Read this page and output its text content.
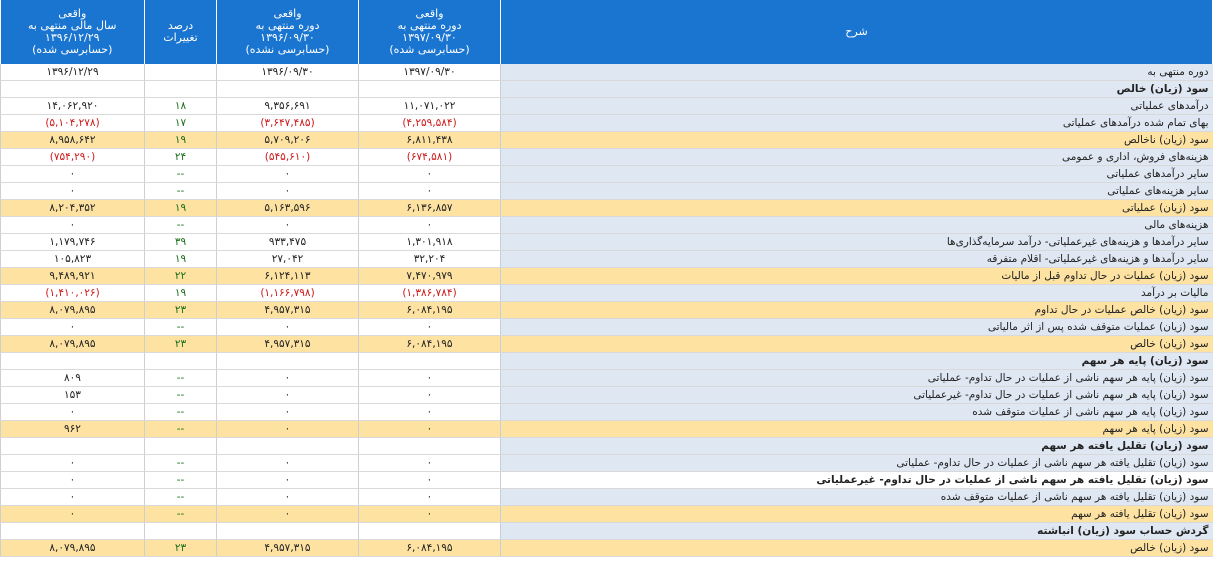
شرح	واقعی
دوره منتهی به
۱۳۹۷/۰۹/۳۰
(حسابرسی شده)	واقعی
دوره منتهی به
۱۳۹۶/۰۹/۳۰
(حسابرسی نشده)	درصد
تغییرات	واقعی
سال مالی منتهی به
۱۳۹۶/۱۲/۲۹
(حسابرسی شده)

دوره منتهی به	۱۳۹۷/۰۹/۳۰	۱۳۹۶/۰۹/۳۰		۱۳۹۶/۱۲/۲۹
سود (زیان) خالص				
درآمدهای عملیاتی	۱۱,۰۷۱,۰۲۲	۹,۳۵۶,۶۹۱	۱۸	۱۴,۰۶۲,۹۲۰
بهای تمام شده درآمدهای عملیاتی	(۴,۲۵۹,۵۸۴)	(۳,۶۴۷,۴۸۵)	۱۷	(۵,۱۰۴,۲۷۸)
سود (زیان) ناخالص	۶,۸۱۱,۴۳۸	۵,۷۰۹,۲۰۶	۱۹	۸,۹۵۸,۶۴۲
هزینه‌های فروش، اداری و عمومی	(۶۷۴,۵۸۱)	(۵۴۵,۶۱۰)	۲۴	(۷۵۴,۲۹۰)
سایر درآمدهای عملیاتی	۰	۰	--	۰
سایر هزینه‌های عملیاتی	۰	۰	--	۰
سود (زیان) عملیاتی	۶,۱۳۶,۸۵۷	۵,۱۶۳,۵۹۶	۱۹	۸,۲۰۴,۳۵۲
هزینه‌های مالی	۰	۰	--	۰
سایر درآمدها و هزینه‌های غیرعملیاتی- درآمد سرمایه‌گذاری‌ها	۱,۳۰۱,۹۱۸	۹۳۳,۴۷۵	۳۹	۱,۱۷۹,۷۴۶
سایر درآمدها و هزینه‌های غیرعملیاتی- اقلام متفرقه	۳۲,۲۰۴	۲۷,۰۴۲	۱۹	۱۰۵,۸۲۳
سود (زیان) عملیات در حال تداوم قبل از مالیات	۷,۴۷۰,۹۷۹	۶,۱۲۴,۱۱۳	۲۲	۹,۴۸۹,۹۲۱
مالیات بر درآمد	(۱,۳۸۶,۷۸۴)	(۱,۱۶۶,۷۹۸)	۱۹	(۱,۴۱۰,۰۲۶)
سود (زیان) خالص عملیات در حال تداوم	۶,۰۸۴,۱۹۵	۴,۹۵۷,۳۱۵	۲۳	۸,۰۷۹,۸۹۵
سود (زیان) عملیات متوقف شده پس از اثر مالیاتی	۰	۰	--	۰
سود (زیان) خالص	۶,۰۸۴,۱۹۵	۴,۹۵۷,۳۱۵	۲۳	۸,۰۷۹,۸۹۵
سود (زیان) پایه هر سهم				
سود (زیان) پایه هر سهم ناشی از عملیات در حال تداوم- عملیاتی	۰	۰	--	۸۰۹
سود (زیان) پایه هر سهم ناشی از عملیات در حال تداوم- غیرعملیاتی	۰	۰	--	۱۵۳
سود (زیان) پایه هر سهم ناشی از عملیات متوقف شده	۰	۰	--	۰
سود (زیان) پایه هر سهم	۰	۰	--	۹۶۲
سود (زیان) تقلیل یافته هر سهم				
سود (زیان) تقلیل یافته هر سهم ناشی از عملیات در حال تداوم- عملیاتی	۰	۰	--	۰
سود (زیان) تقلیل یافته هر سهم ناشی از عملیات در حال تداوم- غیرعملیاتی	۰	۰	--	۰
سود (زیان) تقلیل یافته هر سهم ناشی از عملیات متوقف شده	۰	۰	--	۰
سود (زیان) تقلیل یافته هر سهم	۰	۰	--	۰
گردش حساب سود (زیان) انباشته				
سود (زیان) خالص	۶,۰۸۴,۱۹۵	۴,۹۵۷,۳۱۵	۲۳	۸,۰۷۹,۸۹۵
